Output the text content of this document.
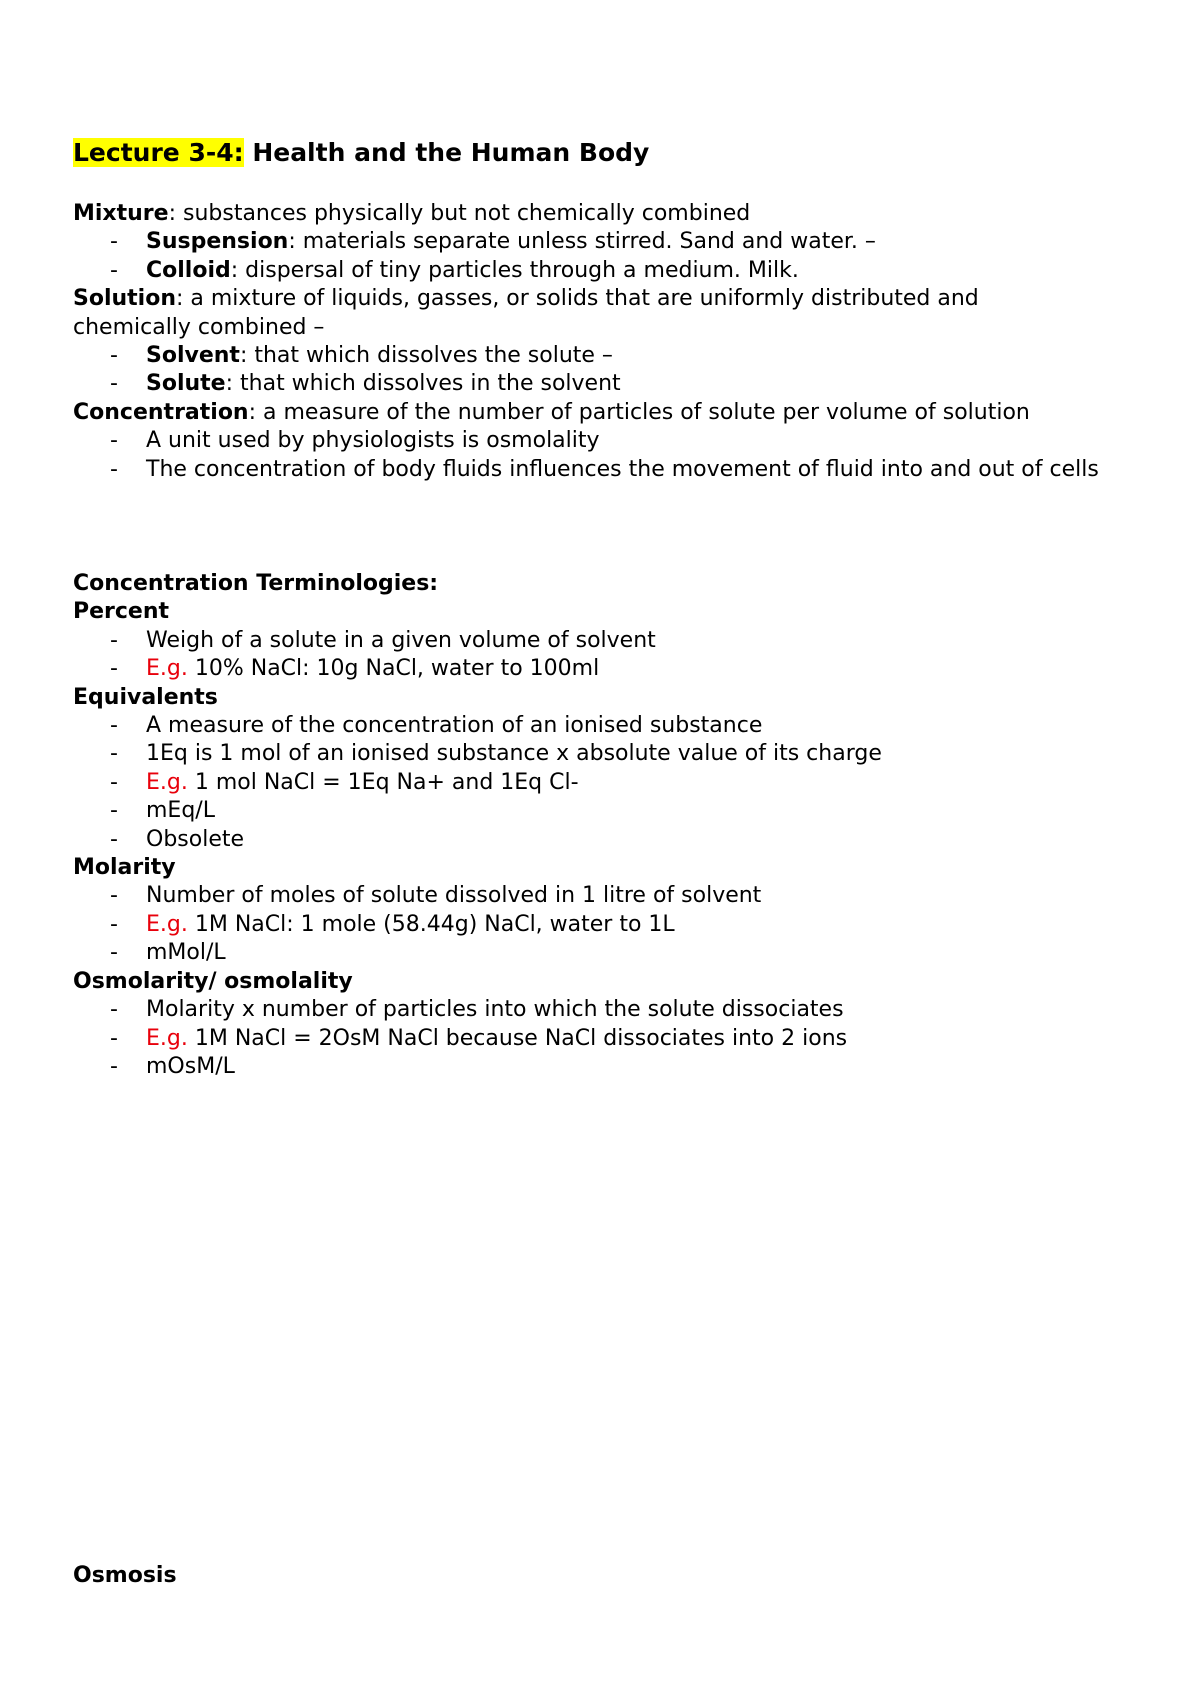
Lecture 3-4: Health and the Human Body
Mixture: substances physically but not chemically combined
- Suspension: materials separate unless stirred. Sand and water. –
- Colloid: dispersal of tiny particles through a medium. Milk.
Solution: a mixture of liquids, gasses, or solids that are uniformly distributed and chemically combined –
- Solvent: that which dissolves the solute –
- Solute: that which dissolves in the solvent
Concentration: a measure of the number of particles of solute per volume of solution
- A unit used by physiologists is osmolality
- The concentration of body fluids influences the movement of fluid into and out of cells
Concentration Terminologies:
Percent
- Weigh of a solute in a given volume of solvent
- E.g. 10% NaCl: 10g NaCl, water to 100ml
Equivalents
- A measure of the concentration of an ionised substance
- 1Eq is 1 mol of an ionised substance x absolute value of its charge
- E.g. 1 mol NaCl = 1Eq Na+ and 1Eq Cl-
- mEq/L
- Obsolete
Molarity
- Number of moles of solute dissolved in 1 litre of solvent
- E.g. 1M NaCl: 1 mole (58.44g) NaCl, water to 1L
- mMol/L
Osmolarity/ osmolality
- Molarity x number of particles into which the solute dissociates
- E.g. 1M NaCl = 2OsM NaCl because NaCl dissociates into 2 ions
- mOsM/L
Osmosis
